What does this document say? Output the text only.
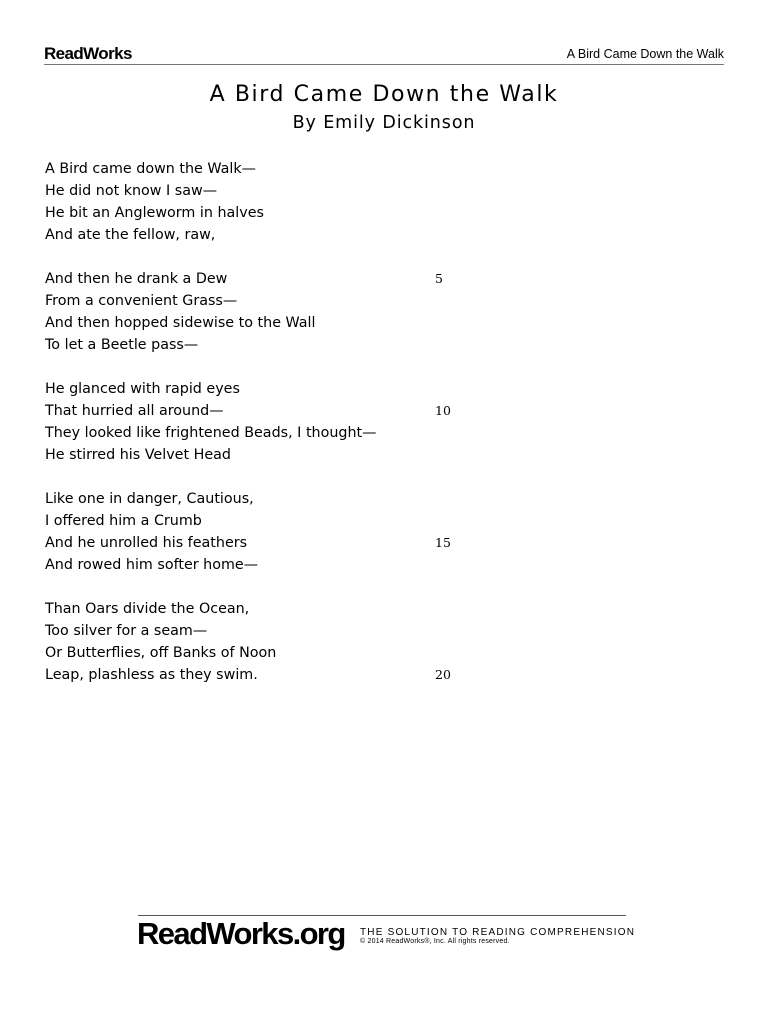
ReadWorks	A Bird Came Down the Walk
A Bird Came Down the Walk
By Emily Dickinson
A Bird came down the Walk—
He did not know I saw—
He bit an Angleworm in halves
And ate the fellow, raw,
And then he drank a Dew	5
From a convenient Grass—
And then hopped sidewise to the Wall
To let a Beetle pass—
He glanced with rapid eyes
That hurried all around—	10
They looked like frightened Beads, I thought—
He stirred his Velvet Head
Like one in danger, Cautious,
I offered him a Crumb
And he unrolled his feathers	15
And rowed him softer home—
Than Oars divide the Ocean,
Too silver for a seam—
Or Butterflies, off Banks of Noon
Leap, plashless as they swim.	20
ReadWorks.org THE SOLUTION TO READING COMPREHENSION
© 2014 ReadWorks®, Inc. All rights reserved.
